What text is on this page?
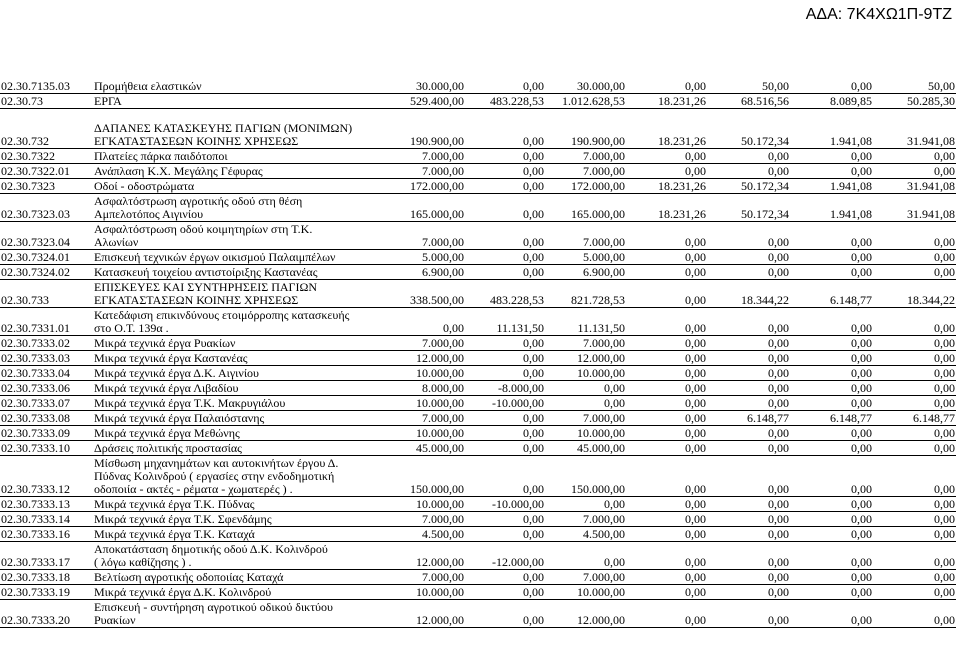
ΑΔΑ: 7Κ4ΧΩ1Π-9ΤΖ
02.30.7135.03	Προμήθεια ελαστικών	30.000,00	0,00	30.000,00	0,00	50,00	0,00	50,00
02.30.73	ΕΡΓΑ	529.400,00	483.228,53	1.012.628,53	18.231,26	68.516,56	8.089,85	50.285,30

02.30.732	ΔΑΠΑΝΕΣ ΚΑΤΑΣΚΕΥΗΣ ΠΑΓΙΩΝ (ΜΟΝΙΜΩΝ)
ΕΓΚΑΤΑΣΤΑΣΕΩΝ ΚΟΙΝΗΣ ΧΡΗΣΕΩΣ	190.900,00	0,00	190.900,00	18.231,26	50.172,34	1.941,08	31.941,08
02.30.7322	Πλατείες πάρκα παιδότοποι	7.000,00	0,00	7.000,00	0,00	0,00	0,00	0,00
02.30.7322.01	Ανάπλαση Κ.Χ. Μεγάλης Γέφυρας	7.000,00	0,00	7.000,00	0,00	0,00	0,00	0,00
02.30.7323	Οδοί - οδοστρώματα	172.000,00	0,00	172.000,00	18.231,26	50.172,34	1.941,08	31.941,08
02.30.7323.03	Ασφαλτόστρωση αγροτικής οδού στη θέση
Αμπελοτόπος Αιγινίου	165.000,00	0,00	165.000,00	18.231,26	50.172,34	1.941,08	31.941,08
02.30.7323.04	Ασφαλτόστρωση οδού κοιμητηρίων στη Τ.Κ.
Αλωνίων	7.000,00	0,00	7.000,00	0,00	0,00	0,00	0,00
02.30.7324.01	Επισκευή τεχνικών έργων οικισμού Παλαιμπέλων	5.000,00	0,00	5.000,00	0,00	0,00	0,00	0,00
02.30.7324.02	Κατασκευή τοιχείου αντιστοίριξης Καστανέας	6.900,00	0,00	6.900,00	0,00	0,00	0,00	0,00
02.30.733	ΕΠΙΣΚΕΥΕΣ ΚΑΙ ΣΥΝΤΗΡΗΣΕΙΣ ΠΑΓΙΩΝ
ΕΓΚΑΤΑΣΤΑΣΕΩΝ ΚΟΙΝΗΣ ΧΡΗΣΕΩΣ	338.500,00	483.228,53	821.728,53	0,00	18.344,22	6.148,77	18.344,22
02.30.7331.01	Κατεδάφιση επικινδύνους ετοιμόρροπης κατασκευής
στο Ο.Τ. 139α .	0,00	11.131,50	11.131,50	0,00	0,00	0,00	0,00
02.30.7333.02	Μικρά τεχνικά έργα Ρυακίων	7.000,00	0,00	7.000,00	0,00	0,00	0,00	0,00
02.30.7333.03	Μικρα τεχνικά έργα Καστανέας	12.000,00	0,00	12.000,00	0,00	0,00	0,00	0,00
02.30.7333.04	Μικρά τεχνικά έργα Δ.Κ. Αιγινίου	10.000,00	0,00	10.000,00	0,00	0,00	0,00	0,00
02.30.7333.06	Μικρά τεχνικά έργα Λιβαδίου	8.000,00	-8.000,00	0,00	0,00	0,00	0,00	0,00
02.30.7333.07	Μικρά τεχνικά έργα Τ.Κ. Μακρυγιάλου	10.000,00	-10.000,00	0,00	0,00	0,00	0,00	0,00
02.30.7333.08	Μικρά τεχνικά έργα Παλαιόστανης	7.000,00	0,00	7.000,00	0,00	6.148,77	6.148,77	6.148,77
02.30.7333.09	Μικρά τεχνικά έργα Μεθώνης	10.000,00	0,00	10.000,00	0,00	0,00	0,00	0,00
02.30.7333.10	Δράσεις πολιτικής προστασίας	45.000,00	0,00	45.000,00	0,00	0,00	0,00	0,00
02.30.7333.12	Μίσθωση μηχανημάτων και αυτοκινήτων έργου Δ.
Πύδνας Κολινδρού ( εργασίες στην ενδοδημοτική
οδοποιία - ακτές - ρέματα - χωματερές ) .	150.000,00	0,00	150.000,00	0,00	0,00	0,00	0,00
02.30.7333.13	Μικρά τεχνικά έργα Τ.Κ. Πύδνας	10.000,00	-10.000,00	0,00	0,00	0,00	0,00	0,00
02.30.7333.14	Μικρά τεχνικά έργα Τ.Κ. Σφενδάμης	7.000,00	0,00	7.000,00	0,00	0,00	0,00	0,00
02.30.7333.16	Μικρά τεχνικά έργα Τ.Κ. Καταχά	4.500,00	0,00	4.500,00	0,00	0,00	0,00	0,00
02.30.7333.17	Αποκατάσταση δημοτικής οδού Δ.Κ. Κολινδρού
( λόγω καθίζησης ) .	12.000,00	-12.000,00	0,00	0,00	0,00	0,00	0,00
02.30.7333.18	Βελτίωση αγροτικής οδοποιίας Καταχά	7.000,00	0,00	7.000,00	0,00	0,00	0,00	0,00
02.30.7333.19	Μικρά τεχνικά έργα Δ.Κ. Κολινδρού	10.000,00	0,00	10.000,00	0,00	0,00	0,00	0,00
02.30.7333.20	Επισκευή - συντήρηση αγροτικού οδικού δικτύου
Ρυακίων	12.000,00	0,00	12.000,00	0,00	0,00	0,00	0,00
